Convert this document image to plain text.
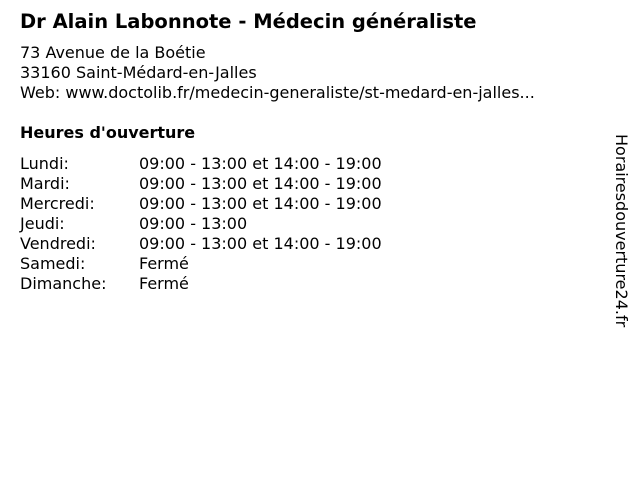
Dr Alain Labonnote - Médecin généraliste
73 Avenue de la Boétie
33160 Saint-Médard-en-Jalles
Web: www.doctolib.fr/medecin-generaliste/st-medard-en-jalles...
Heures d'ouverture
Lundi:	09:00 - 13:00 et 14:00 - 19:00
Mardi:	09:00 - 13:00 et 14:00 - 19:00
Mercredi:	09:00 - 13:00 et 14:00 - 19:00
Jeudi:	09:00 - 13:00
Vendredi:	09:00 - 13:00 et 14:00 - 19:00
Samedi:	Fermé
Dimanche: Fermé	Horairesdouverture24.fr
